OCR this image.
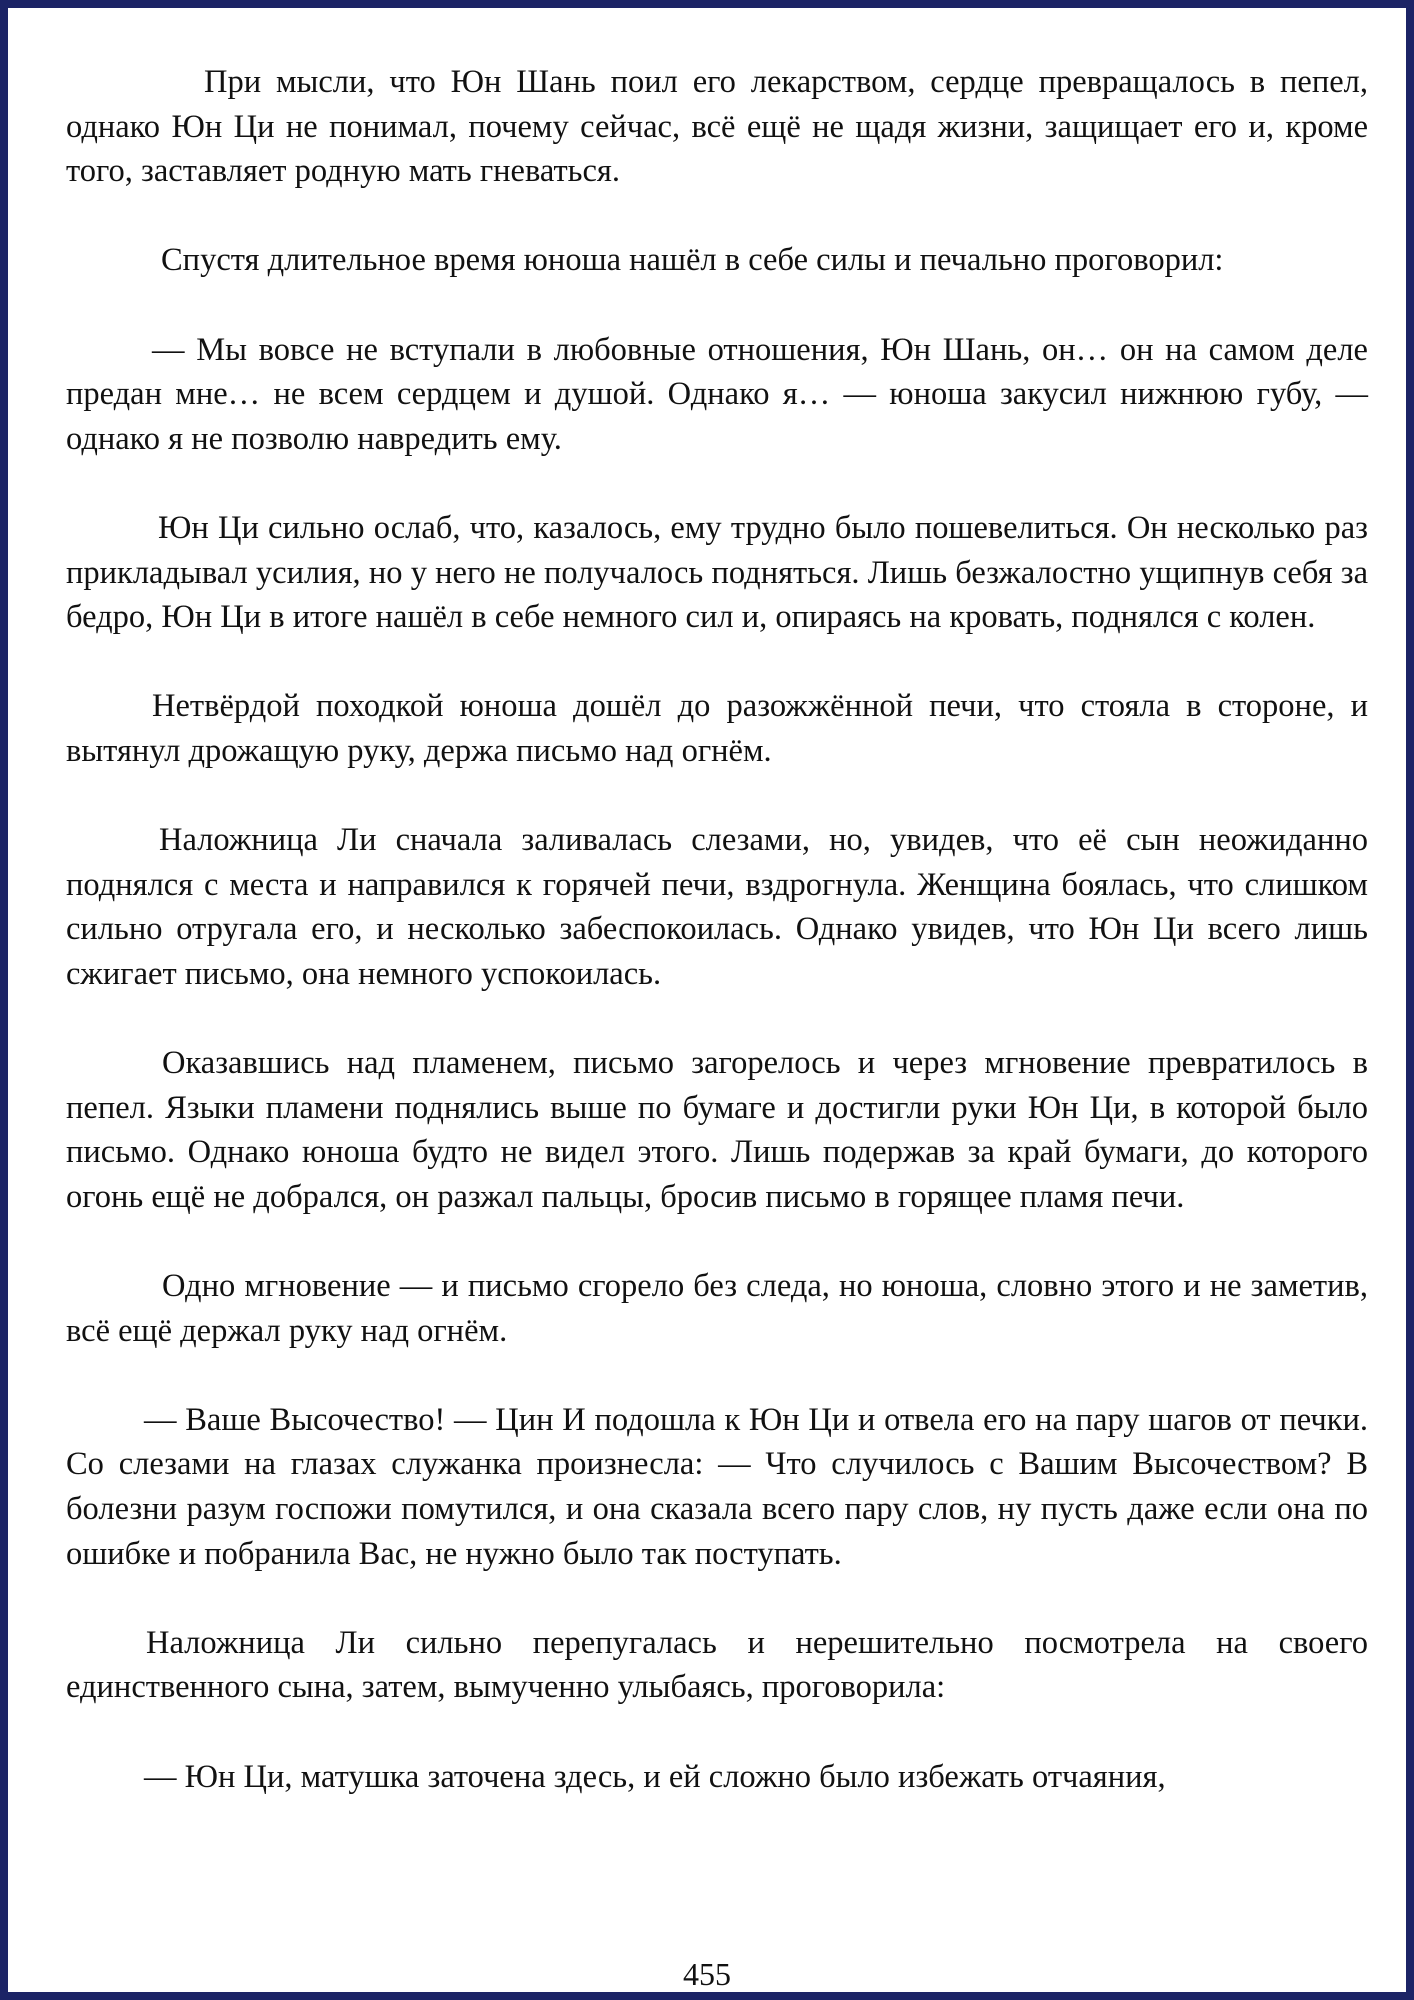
При мысли, что Юн Шань поил его лекарством, сердце превращалось в пепел, однако Юн Ци не понимал, почему сейчас, всё ещё не щадя жизни, защищает его и, кроме того, заставляет родную мать гневаться.

Спустя длительное время юноша нашёл в себе силы и печально проговорил:

— Мы вовсе не вступали в любовные отношения, Юн Шань, он… он на самом деле предан мне… не всем сердцем и душой. Однако я… — юноша закусил нижнюю губу, — однако я не позволю навредить ему.

Юн Ци сильно ослаб, что, казалось, ему трудно было пошевелиться. Он несколько раз прикладывал усилия, но у него не получалось подняться. Лишь безжалостно ущипнув себя за бедро, Юн Ци в итоге нашёл в себе немного сил и, опираясь на кровать, поднялся с колен.

Нетвёрдой походкой юноша дошёл до разожжённой печи, что стояла в стороне, и вытянул дрожащую руку, держа письмо над огнём.

Наложница Ли сначала заливалась слезами, но, увидев, что её сын неожиданно поднялся с места и направился к горячей печи, вздрогнула. Женщина боялась, что слишком сильно отругала его, и несколько забеспокоилась. Однако увидев, что Юн Ци всего лишь сжигает письмо, она немного успокоилась.

Оказавшись над пламенем, письмо загорелось и через мгновение превратилось в пепел. Языки пламени поднялись выше по бумаге и достигли руки Юн Ци, в которой было письмо. Однако юноша будто не видел этого. Лишь подержав за край бумаги, до которого огонь ещё не добрался, он разжал пальцы, бросив письмо в горящее пламя печи.

Одно мгновение — и письмо сгорело без следа, но юноша, словно этого и не заметив, всё ещё держал руку над огнём.

— Ваше Высочество! — Цин И подошла к Юн Ци и отвела его на пару шагов от печки. Со слезами на глазах служанка произнесла: — Что случилось с Вашим Высочеством? В болезни разум госпожи помутился, и она сказала всего пару слов, ну пусть даже если она по ошибке и побранила Вас, не нужно было так поступать.

Наложница Ли сильно перепугалась и нерешительно посмотрела на своего единственного сына, затем, вымученно улыбаясь, проговорила:

— Юн Ци, матушка заточена здесь, и ей сложно было избежать отчаяния,

455
